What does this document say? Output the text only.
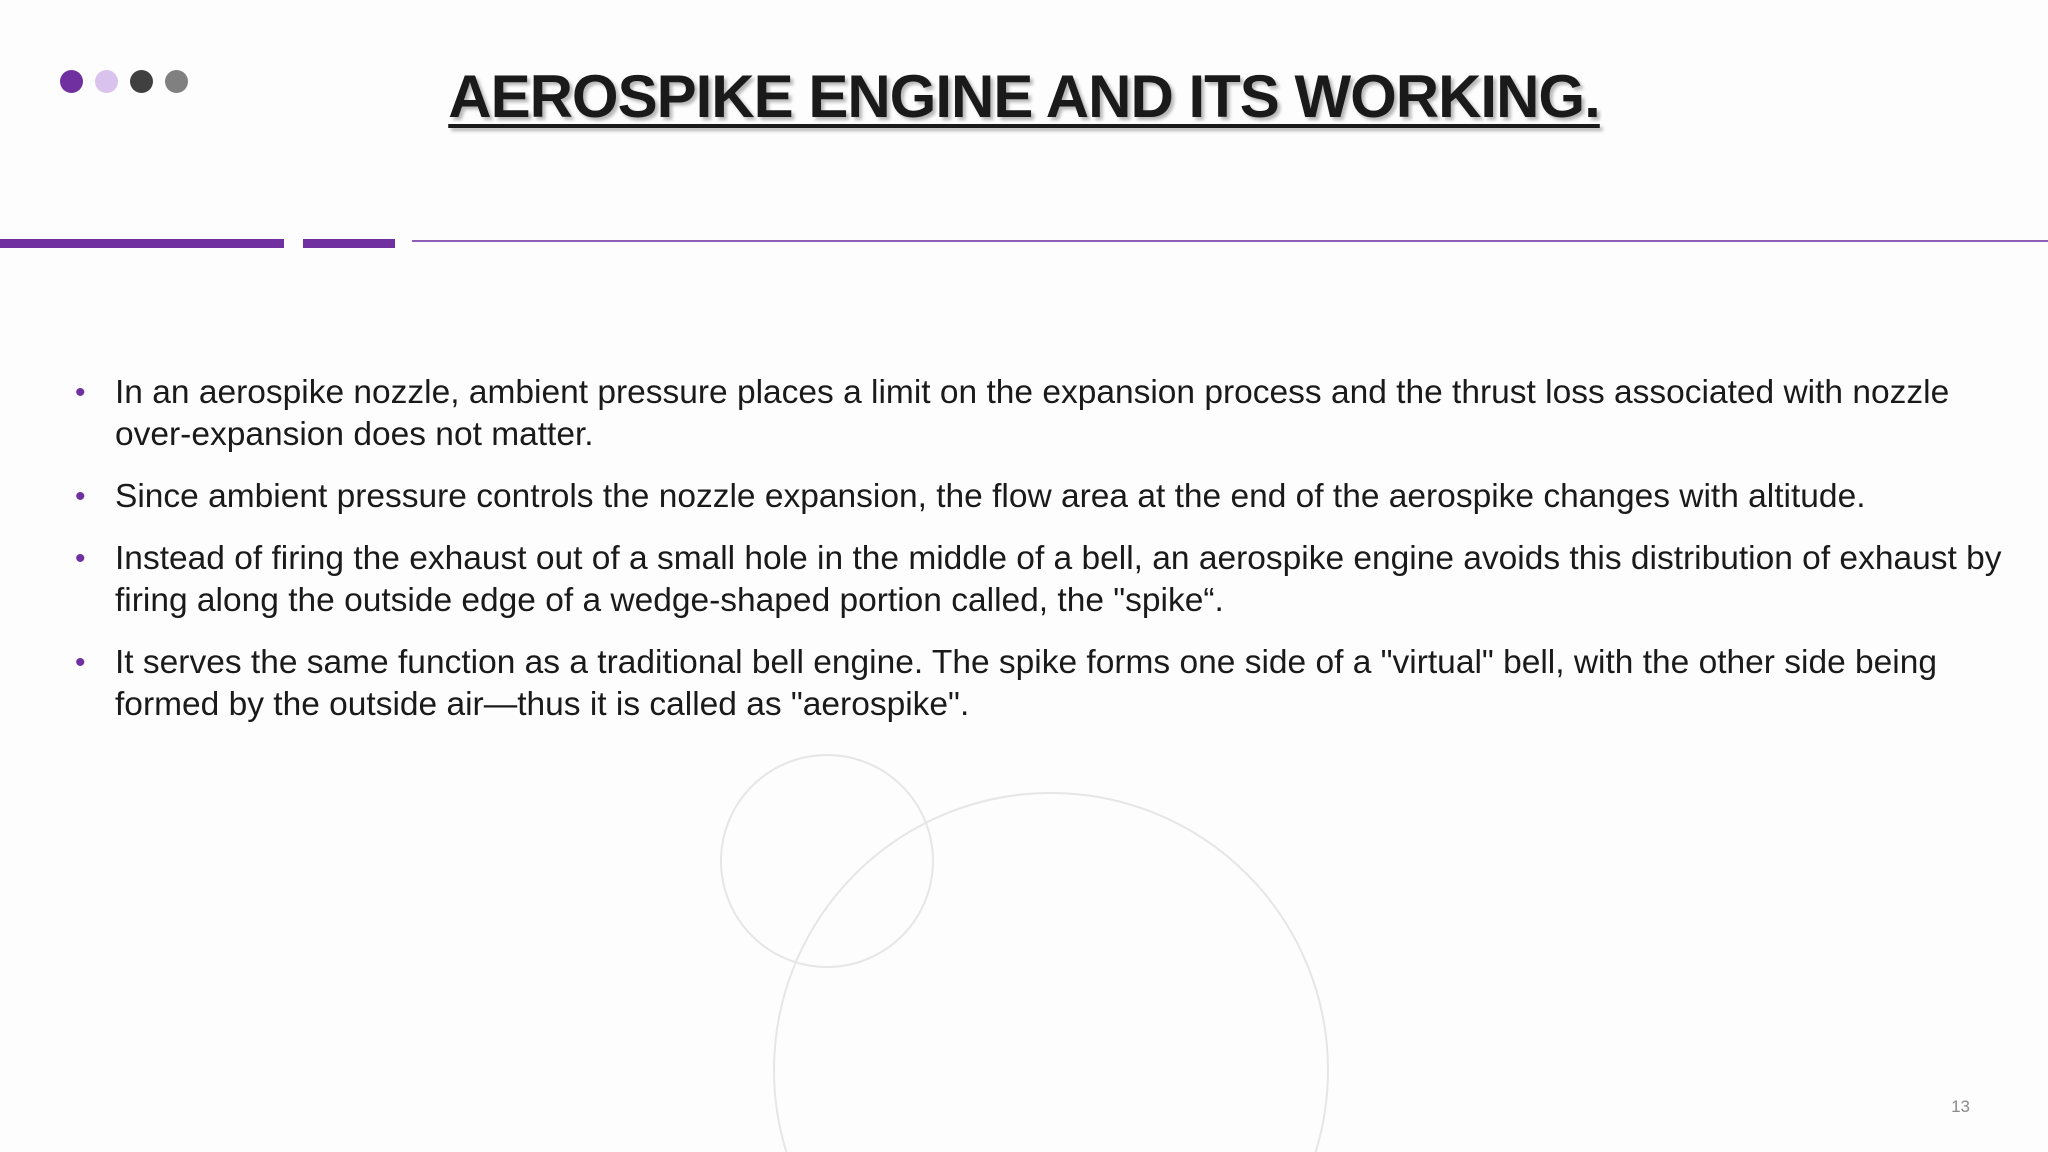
AEROSPIKE ENGINE AND ITS WORKING.
• In an aerospike nozzle, ambient pressure places a limit on the expansion process and the thrust loss associated with nozzle over-expansion does not matter.
• Since ambient pressure controls the nozzle expansion, the flow area at the end of the aerospike changes with altitude.
• Instead of firing the exhaust out of a small hole in the middle of a bell, an aerospike engine avoids this distribution of exhaust by firing along the outside edge of a wedge-shaped portion called, the "spike“.
• It serves the same function as a traditional bell engine. The spike forms one side of a "virtual" bell, with the other side being formed by the outside air—thus it is called as "aerospike".
13
